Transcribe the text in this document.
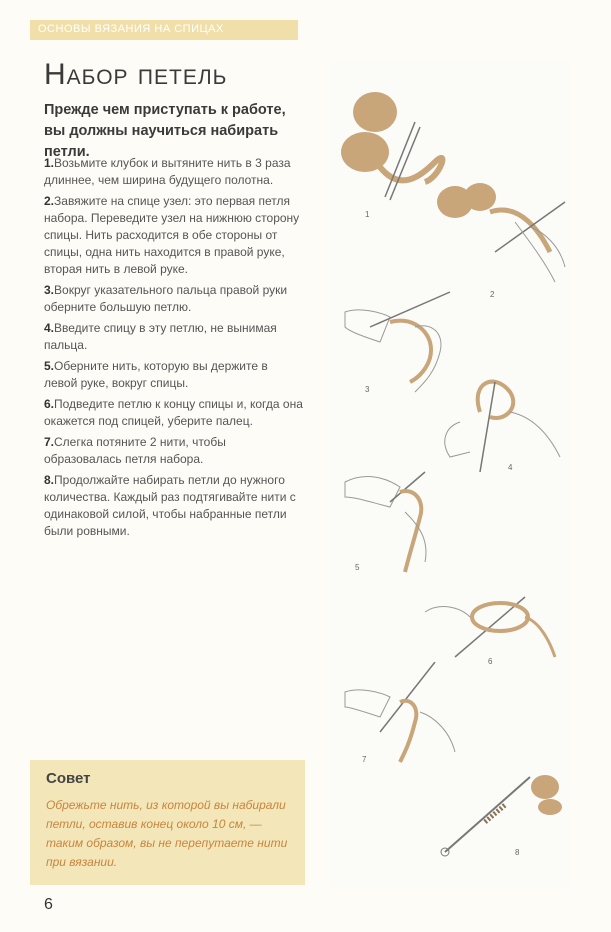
ОСНОВЫ ВЯЗАНИЯ НА СПИЦАХ
Набор петель

Прежде чем приступать к работе, вы должны научиться набирать петли.

1.Возьмите клубок и вытяните нить в 3 раза длиннее, чем ширина будущего полотна.
2.Завяжите на спице узел: это первая петля набора. Переведите узел на нижнюю сторону спицы. Нить расходится в обе стороны от спицы, одна нить находится в правой руке, вторая нить в левой руке.
3.Вокруг указательного пальца правой руки оберните большую петлю.
4.Введите спицу в эту петлю, не вынимая пальца.
5.Оберните нить, которую вы держите в левой руке, вокруг спицы.
6.Подведите петлю к концу спицы и, когда она окажется под спицей, уберите палец.
7.Слегка потяните 2 нити, чтобы образовалась петля набора.
8.Продолжайте набирать петли до нужного количества. Каждый раз подтягивайте нити с одинаковой силой, чтобы набранные петли были ровными.
1
2
3
4
5
6
7
8
Совет
Обрежьте нить, из которой вы набирали петли, оставив конец около 10 см, — таким образом, вы не перепутаете нити при вязании.
6
